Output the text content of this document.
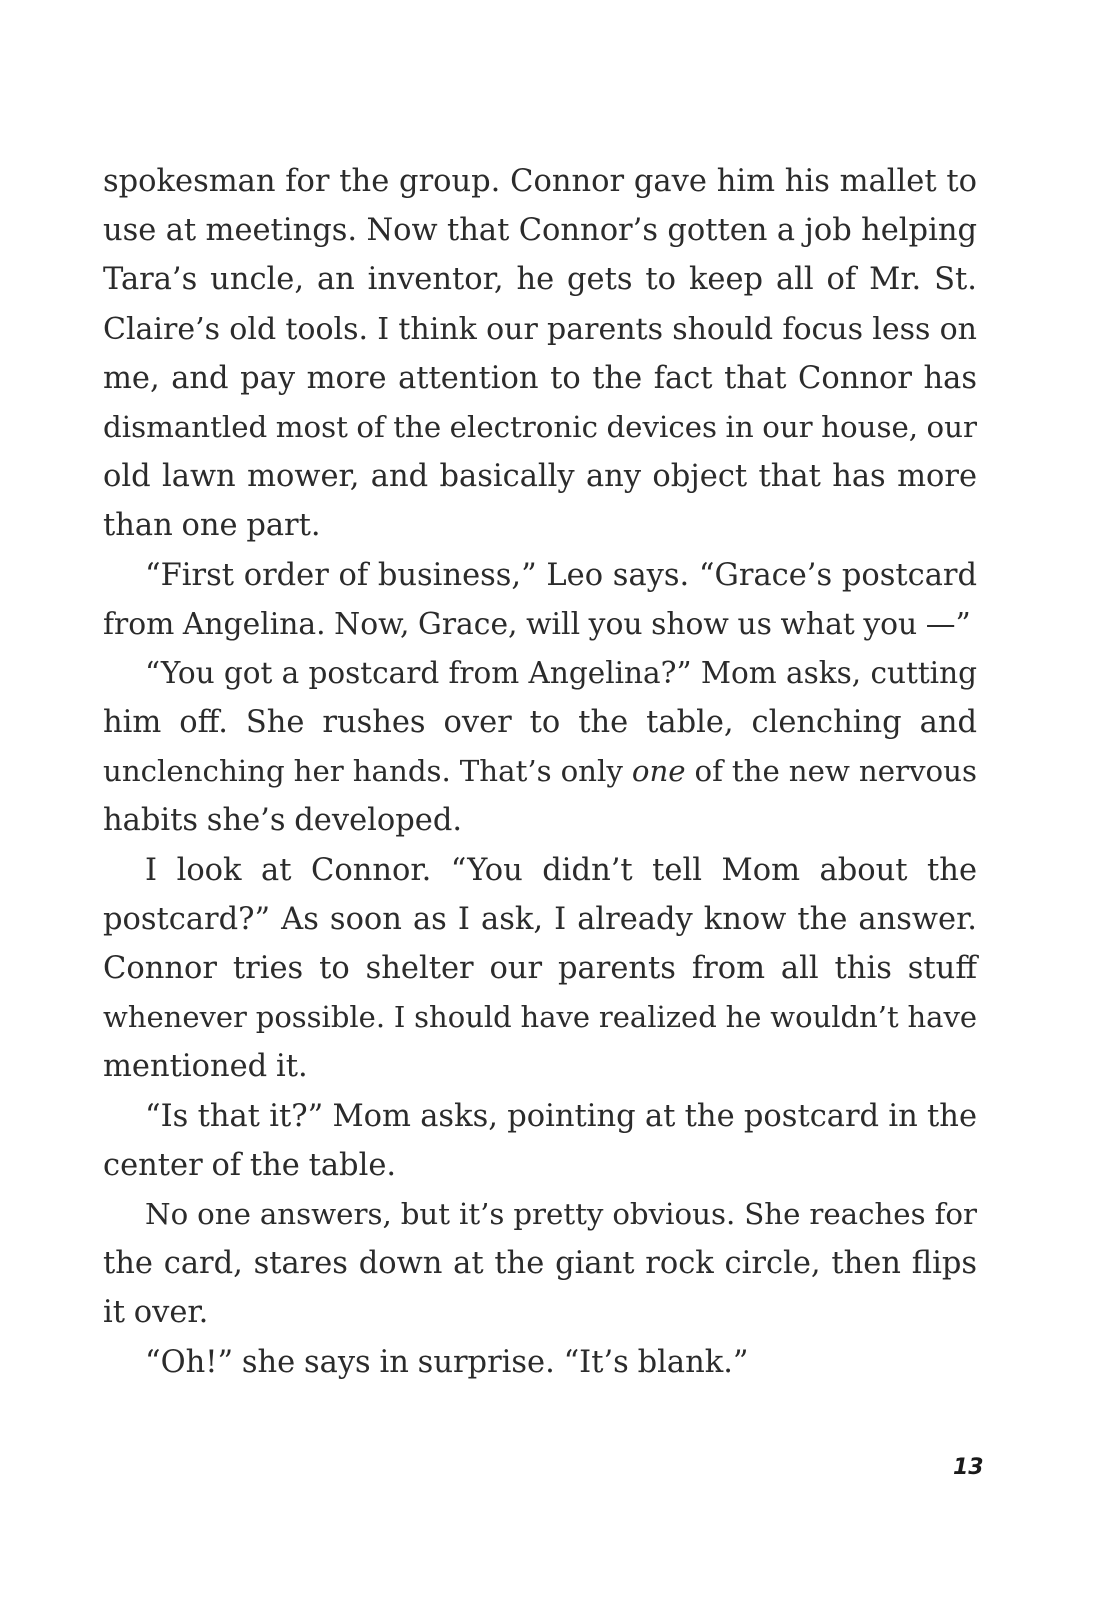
spokesman for the group. Connor gave him his mallet to
use at meetings. Now that Connor’s gotten a job helping
Tara’s uncle, an inventor, he gets to keep all of Mr. St.
Claire’s old tools. I think our parents should focus less on
me, and pay more attention to the fact that Connor has
dismantled most of the electronic devices in our house, our
old lawn mower, and basically any object that has more
than one part.
“First order of business,” Leo says. “Grace’s postcard
from Angelina. Now, Grace, will you show us what you —”
“You got a postcard from Angelina?” Mom asks, cutting
him off. She rushes over to the table, clenching and
unclenching her hands. That’s only one of the new nervous
habits she’s developed.
I look at Connor. “You didn’t tell Mom about the
postcard?” As soon as I ask, I already know the answer.
Connor tries to shelter our parents from all this stuff
whenever possible. I should have realized he wouldn’t have
mentioned it.
“Is that it?” Mom asks, pointing at the postcard in the
center of the table.
No one answers, but it’s pretty obvious. She reaches for
the card, stares down at the giant rock circle, then flips
it over.
“Oh!” she says in surprise. “It’s blank.”
13
